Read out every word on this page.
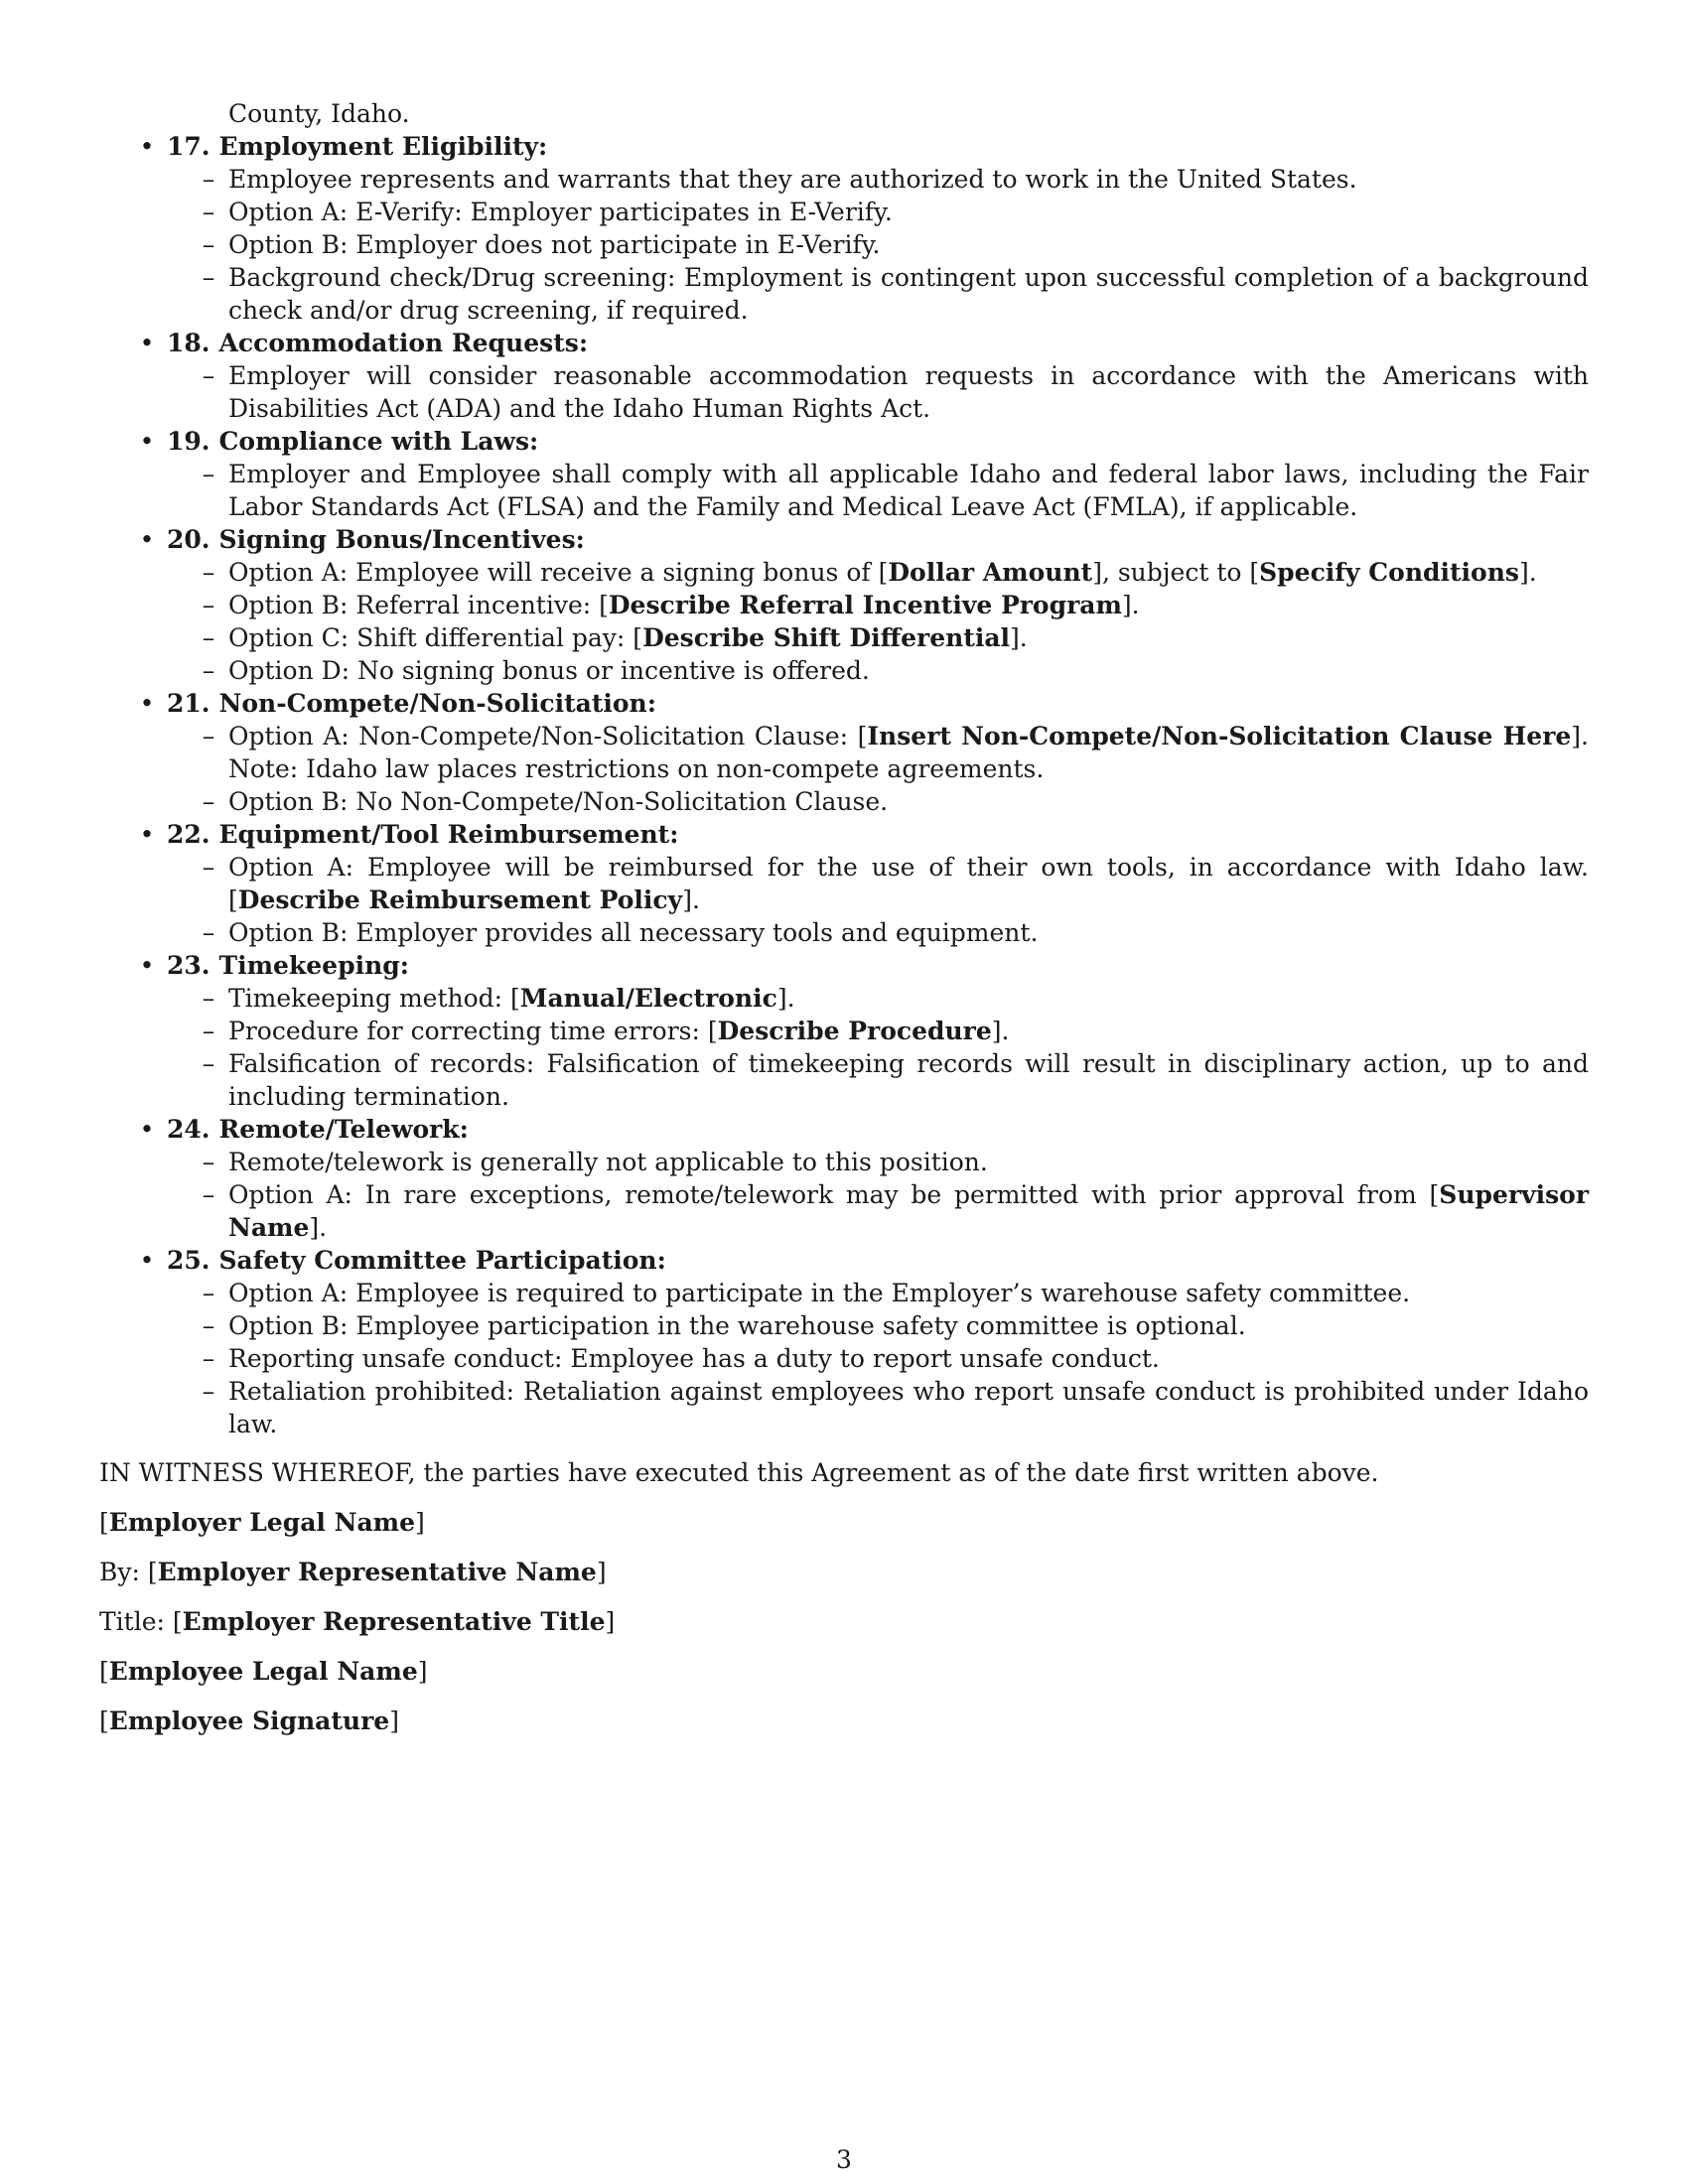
County, Idaho.
• 17. Employment Eligibility:
– Employee represents and warrants that they are authorized to work in the United States.
– Option A: E-Verify: Employer participates in E-Verify.
– Option B: Employer does not participate in E-Verify.
– Background check/Drug screening: Employment is contingent upon successful completion of a background check and/or drug screening, if required.
• 18. Accommodation Requests:
– Employer will consider reasonable accommodation requests in accordance with the Americans with Disabilities Act (ADA) and the Idaho Human Rights Act.
• 19. Compliance with Laws:
– Employer and Employee shall comply with all applicable Idaho and federal labor laws, including the Fair Labor Standards Act (FLSA) and the Family and Medical Leave Act (FMLA), if applicable.
• 20. Signing Bonus/Incentives:
– Option A: Employee will receive a signing bonus of [Dollar Amount], subject to [Specify Conditions].
– Option B: Referral incentive: [Describe Referral Incentive Program].
– Option C: Shift differential pay: [Describe Shift Differential].
– Option D: No signing bonus or incentive is offered.
• 21. Non-Compete/Non-Solicitation:
– Option A: Non-Compete/Non-Solicitation Clause: [Insert Non-Compete/Non-Solicitation Clause Here]. Note: Idaho law places restrictions on non-compete agreements.
– Option B: No Non-Compete/Non-Solicitation Clause.
• 22. Equipment/Tool Reimbursement:
– Option A: Employee will be reimbursed for the use of their own tools, in accordance with Idaho law. [Describe Reimbursement Policy].
– Option B: Employer provides all necessary tools and equipment.
• 23. Timekeeping:
– Timekeeping method: [Manual/Electronic].
– Procedure for correcting time errors: [Describe Procedure].
– Falsification of records: Falsification of timekeeping records will result in disciplinary action, up to and including termination.
• 24. Remote/Telework:
– Remote/telework is generally not applicable to this position.
– Option A: In rare exceptions, remote/telework may be permitted with prior approval from [Supervisor Name].
• 25. Safety Committee Participation:
– Option A: Employee is required to participate in the Employer’s warehouse safety committee.
– Option B: Employee participation in the warehouse safety committee is optional.
– Reporting unsafe conduct: Employee has a duty to report unsafe conduct.
– Retaliation prohibited: Retaliation against employees who report unsafe conduct is prohibited under Idaho law.
IN WITNESS WHEREOF, the parties have executed this Agreement as of the date first written above.
[Employer Legal Name]
By: [Employer Representative Name]
Title: [Employer Representative Title]
[Employee Legal Name]
[Employee Signature]
3
